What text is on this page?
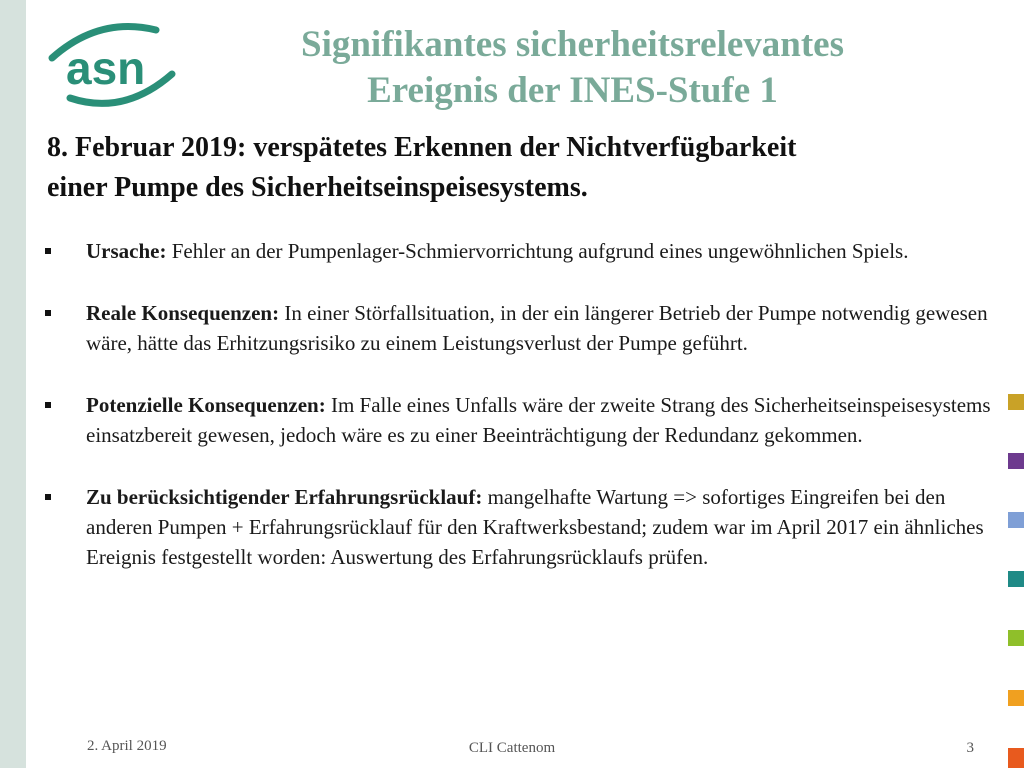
asn	Signifikantes sicherheitsrelevantes
Ereignis der INES-Stufe 1
8. Februar 2019: verspätetes Erkennen der Nichtverfügbarkeit
einer Pumpe des Sicherheitseinspeisesystems.
Ursache: Fehler an der Pumpenlager-Schmiervorrichtung aufgrund eines ungewöhnlichen Spiels.
Reale Konsequenzen: In einer Störfallsituation, in der ein längerer Betrieb der Pumpe notwendig gewesen wäre, hätte das Erhitzungsrisiko zu einem Leistungsverlust der Pumpe geführt.
Potenzielle Konsequenzen: Im Falle eines Unfalls wäre der zweite Strang des Sicherheitseinspeisesystems einsatzbereit gewesen, jedoch wäre es zu einer Beeinträchtigung der Redundanz gekommen.
Zu berücksichtigender Erfahrungsrücklauf: mangelhafte Wartung => sofortiges Eingreifen bei den anderen Pumpen + Erfahrungsrücklauf für den Kraftwerksbestand; zudem war im April 2017 ein ähnliches Ereignis festgestellt worden: Auswertung des Erfahrungsrücklaufs prüfen.
2. April 2019	CLI Cattenom	3
